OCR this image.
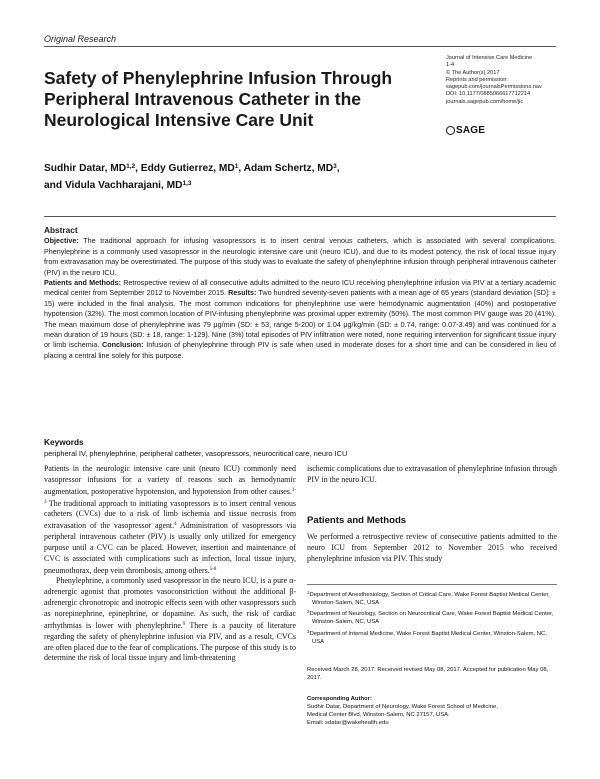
Original Research
Safety of Phenylephrine Infusion Through Peripheral Intravenous Catheter in the Neurological Intensive Care Unit
Journal of Intensive Care Medicine
1-4
© The Author(s) 2017
Reprints and permission:
sagepub.com/journalsPermissions.nav
DOI: 10.1177/0885066617712214
journals.sagepub.com/home/jic
SAGE
Sudhir Datar, MD$^{1,2}$, Eddy Gutierrez, $MD^1$, Adam Schertz, $MD^3$,
and Vidula Vachharajani, MD$^{1,3}$
Abstract

Objective: The traditional approach for infusing vasopressors is to insert central venous catheters, which is associated with several complications. Phenylephrine is a commonly used vasopressor in the neurologic intensive care unit (neuro ICU), and due to its modest potency, the risk of local tissue injury from extravasation may be overestimated. The purpose of this study was to evaluate the safety of phenylephrine infusion through peripheral intravenous catheter (PIV) in the neuro ICU.
Patients and Methods: Retrospective review of all consecutive adults admitted to the neuro ICU receiving phenylephrine infusion via PIV at a tertiary academic medical center from September 2012 to November 2015. Results: Two hundred seventy-seven patients with a mean age of 65 years (standard deviation [SD]: ± 15) were included in the final analysis. The most common indications for phenylephrine use were hemodynamic augmentation (40%) and postoperative hypotension (32%). The most common location of PIV-infusing phenylephrine was proximal upper extremity (50%). The most common PIV gauge was 20 (41%). The mean maximum dose of phenylephrine was 79 μg/min (SD: ± 53, range 5-200) or 1.04 μg/kg/min (SD: ± 0.74, range: 0.07-3.49) and was continued for a mean duration of 19 hours (SD: ± 18, range: 1-129). Nine (3%) total episodes of PIV infiltration were noted, none requiring intervention for significant tissue injury or limb ischemia. Conclusion: Infusion of phenylephrine through PIV is safe when used in moderate doses for a short time and can be considered in lieu of placing a central line solely for this purpose.

Keywords
peripheral IV, phenylephrine, peripheral catheter, vasopressors, neurocritical care, neuro ICU

Patients in the neurologic intensive care unit (neuro ICU) commonly need vasopressor infusions for a variety of reasons such as hemodynamic augmentation, postoperative hypotension, and hypotension from other causes.$^{1-3}$ The traditional approach to initiating vasopressors is to insert central venous catheters (CVCs) due to a risk of limb ischemia and tissue necrosis from extravasation of the vasopressor agent.$^4$ Administration of vasopressors via peripheral intravenous catheter (PIV) is usually only utilized for emergency purpose until a CVC can be placed. However, insertion and maintenance of CVC is associated with complications such as infection, local tissue injury, pneumothorax, deep vein thrombosis, among others.$^{5-8}$

Phenylephrine, a commonly used vasopressor in the neuro ICU, is a pure α-adrenergic agonist that promotes vasoconstriction without the additional β-adrenergic chronotropic and inotropic effects seen with other vasopressors such as norepinephrine, epinephrine, or dopamine. As such, the risk of cardiac arrhythmias is lower with phenylephrine.$^9$ There is a paucity of literature regarding the safety of phenylephrine infusion via PIV, and as a result, CVCs are often placed due to the fear of complications. The purpose of this study is to determine the risk of local tissue injury and limb-threatening

ischemic complications due to extravasation of phenylephrine infusion through PIV in the neuro ICU.
Patients and Methods
We performed a retrospective review of consecutive patients admitted to the neuro ICU from September 2012 to November 2015 who received phenylephrine infusion via PIV. This study
$^1$Department of Anesthesiology, Section of Critical Care, Wake Forest Baptist Medical Center, Winston-Salem, NC, USA
$^2$Department of Neurology, Section on Neurocritical Care, Wake Forest Baptist Medical Center, Winston-Salem, NC, USA
$^3$Department of Internal Medicine, Wake Forest Baptist Medical Center, Winston-Salem, NC, USA
Received March 28, 2017. Received revised May 08, 2017. Accepted for publication May 08, 2017.
Corresponding Author:
Sudhir Datar, Department of Neurology, Wake Forest School of Medicine,
Medical Center Blvd, Winston-Salem, NC 27157, USA.
Email: sdatar@wakehealth.edu
